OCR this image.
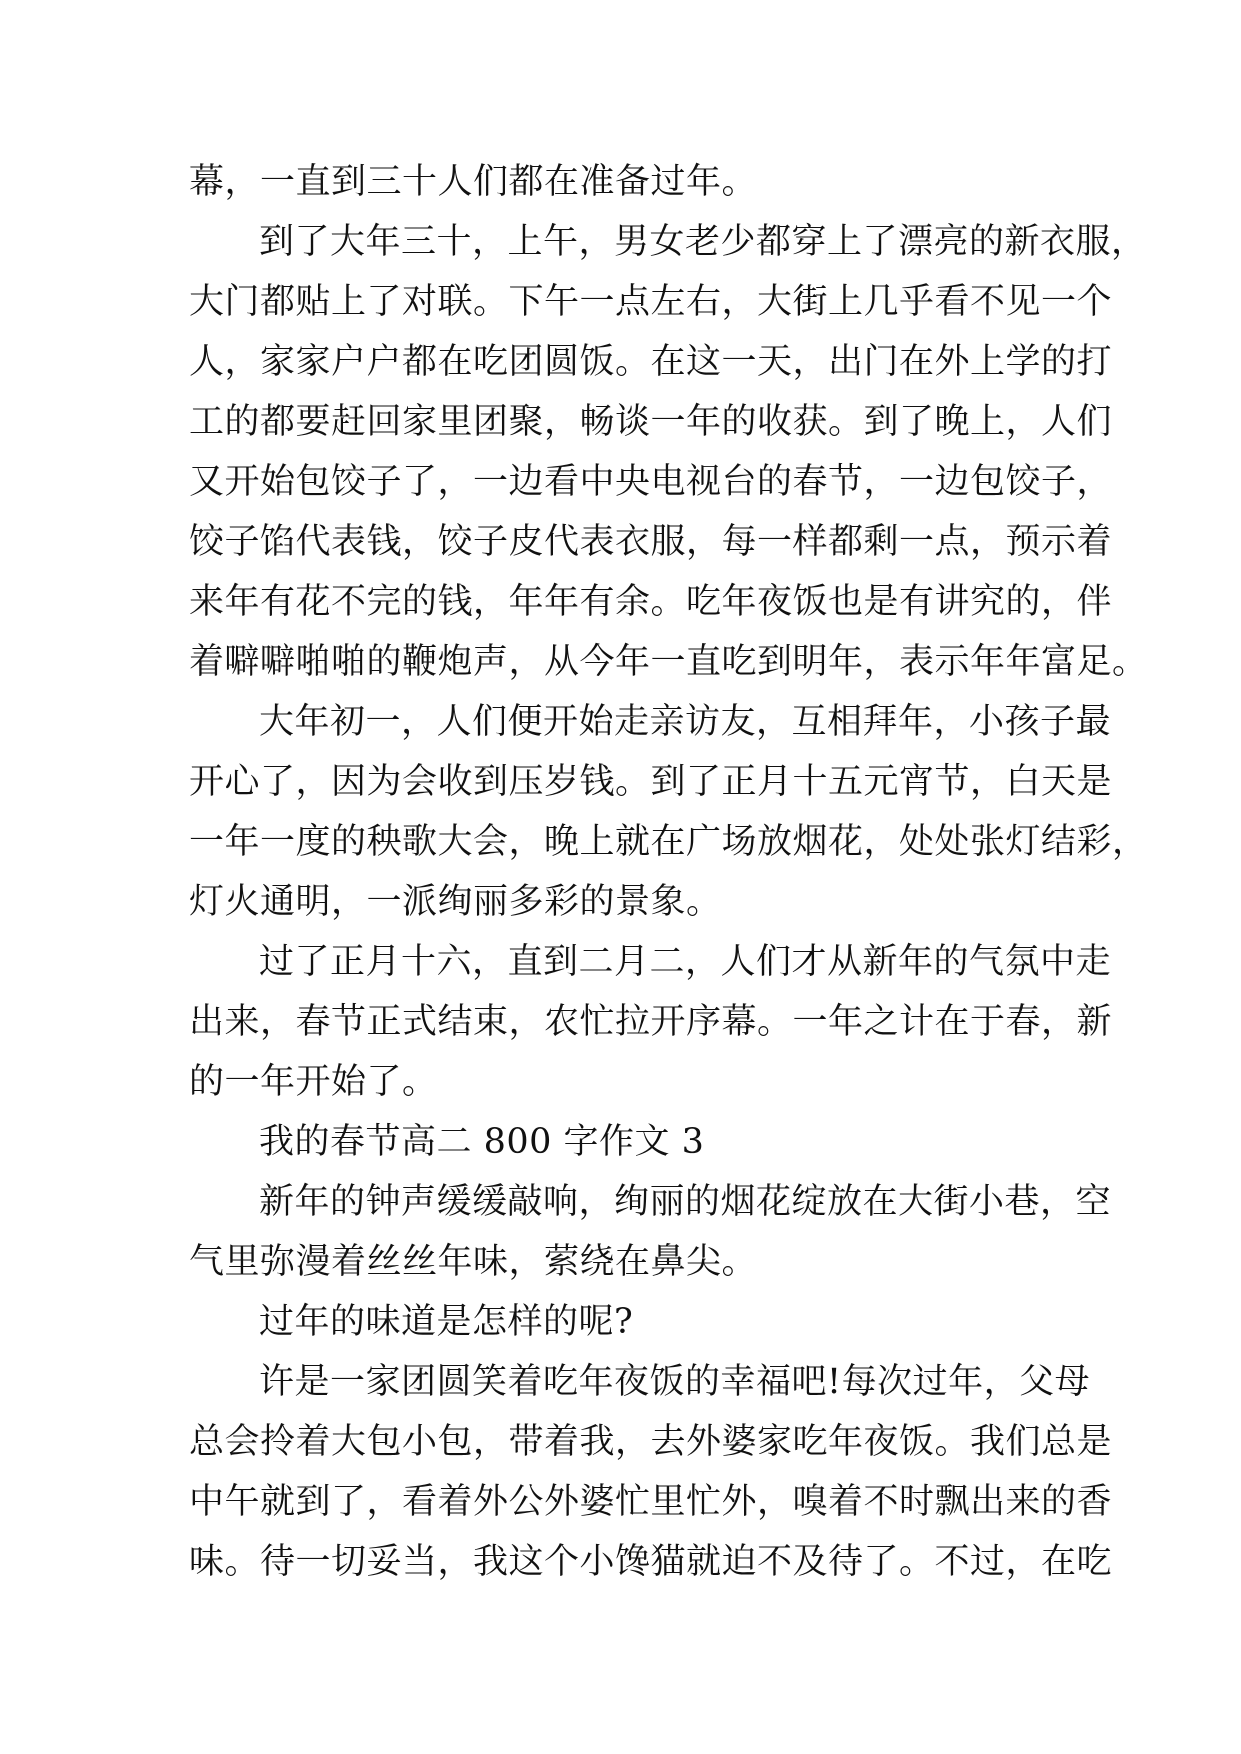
幕，一直到三十人们都在准备过年。
到了大年三十，上午，男女老少都穿上了漂亮的新衣服，
大门都贴上了对联。下午一点左右，大街上几乎看不见一个
人，家家户户都在吃团圆饭。在这一天，出门在外上学的打
工的都要赶回家里团聚，畅谈一年的收获。到了晚上，人们
又开始包饺子了，一边看中央电视台的春节，一边包饺子，
饺子馅代表钱，饺子皮代表衣服，每一样都剩一点，预示着
来年有花不完的钱，年年有余。吃年夜饭也是有讲究的，伴
着噼噼啪啪的鞭炮声，从今年一直吃到明年，表示年年富足。
大年初一，人们便开始走亲访友，互相拜年，小孩子最
开心了，因为会收到压岁钱。到了正月十五元宵节，白天是
一年一度的秧歌大会，晚上就在广场放烟花，处处张灯结彩，
灯火通明，一派绚丽多彩的景象。
过了正月十六，直到二月二，人们才从新年的气氛中走
出来，春节正式结束，农忙拉开序幕。一年之计在于春，新
的一年开始了。
我的春节高二 800 字作文 3
新年的钟声缓缓敲响，绚丽的烟花绽放在大街小巷，空
气里弥漫着丝丝年味，萦绕在鼻尖。
过年的味道是怎样的呢?
许是一家团圆笑着吃年夜饭的幸福吧!每次过年，父母
总会拎着大包小包，带着我，去外婆家吃年夜饭。我们总是
中午就到了，看着外公外婆忙里忙外，嗅着不时飘出来的香
味。待一切妥当，我这个小馋猫就迫不及待了。不过，在吃
